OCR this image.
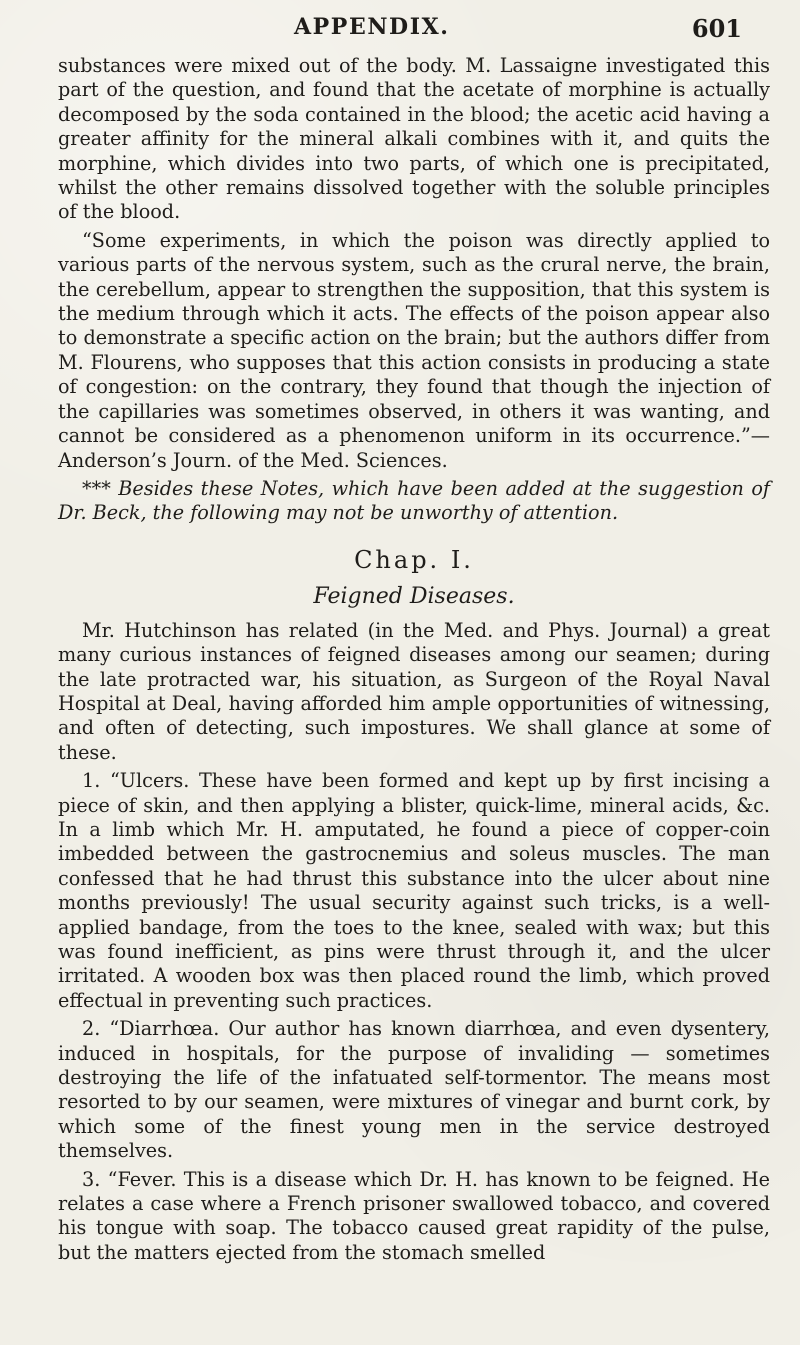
APPENDIX.	601

substances were mixed out of the body. M. Lassaigne investigated this part of the question, and found that the acetate of morphine is actually decomposed by the soda contained in the blood; the acetic acid having a greater affinity for the mineral alkali combines with it, and quits the morphine, which divides into two parts, of which one is precipitated, whilst the other remains dissolved together with the soluble principles of the blood.

“Some experiments, in which the poison was directly applied to various parts of the nervous system, such as the crural nerve, the brain, the cerebellum, appear to strengthen the supposition, that this system is the medium through which it acts. The effects of the poison appear also to demonstrate a specific action on the brain; but the authors differ from M. Flourens, who supposes that this action consists in producing a state of congestion: on the contrary, they found that though the injection of the capillaries was sometimes observed, in others it was wanting, and cannot be considered as a phenomenon uniform in its occurrence.”—Anderson’s Journ. of the Med. Sciences.

*** Besides these Notes, which have been added at the suggestion of Dr. Beck, the following may not be unworthy of attention.

Chap. I.
Feigned Diseases.

Mr. Hutchinson has related (in the Med. and Phys. Journal) a great many curious instances of feigned diseases among our seamen; during the late protracted war, his situation, as Surgeon of the Royal Naval Hospital at Deal, having afforded him ample opportunities of witnessing, and often of detecting, such impostures. We shall glance at some of these.

1. “Ulcers. These have been formed and kept up by first incising a piece of skin, and then applying a blister, quick-lime, mineral acids, &c. In a limb which Mr. H. amputated, he found a piece of copper-coin imbedded between the gastrocnemius and soleus muscles. The man confessed that he had thrust this substance into the ulcer about nine months previously! The usual security against such tricks, is a well-applied bandage, from the toes to the knee, sealed with wax; but this was found inefficient, as pins were thrust through it, and the ulcer irritated. A wooden box was then placed round the limb, which proved effectual in preventing such practices.

2. “Diarrhœa. Our author has known diarrhœa, and even dysentery, induced in hospitals, for the purpose of invaliding — sometimes destroying the life of the infatuated self-tormentor. The means most resorted to by our seamen, were mixtures of vinegar and burnt cork, by which some of the finest young men in the service destroyed themselves.

3. “Fever. This is a disease which Dr. H. has known to be feigned. He relates a case where a French prisoner swallowed tobacco, and covered his tongue with soap. The tobacco caused great rapidity of the pulse, but the matters ejected from the stomach smelled
